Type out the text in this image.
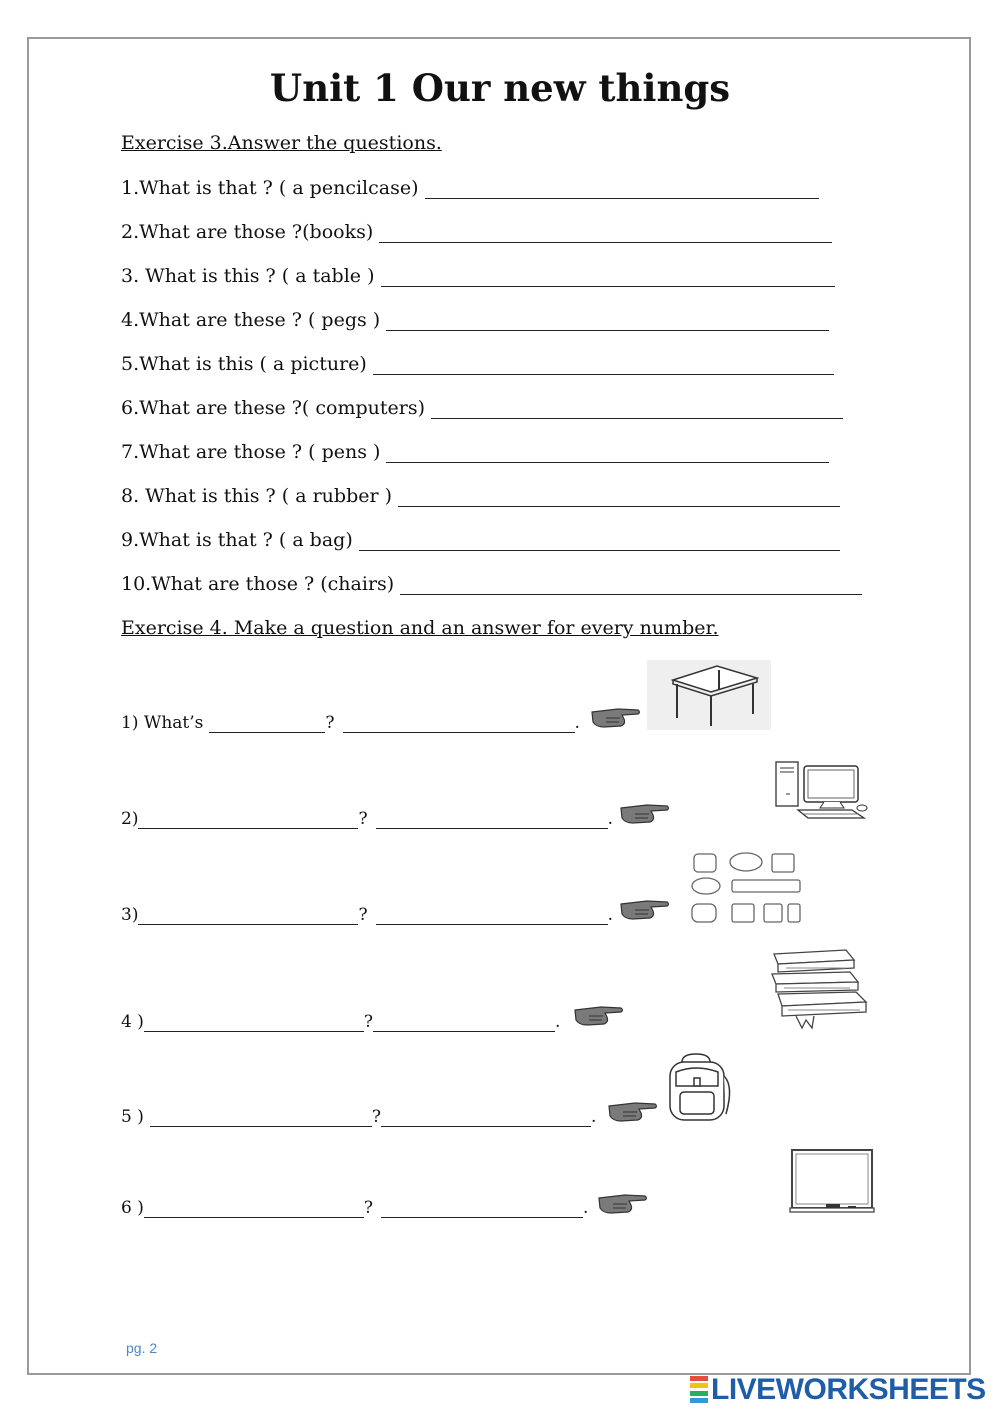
Unit 1 Our new things
Exercise 3.Answer the questions.
1.What is that ? ( a pencilcase)
2.What are those ?(books)
3. What is this ? ( a table )
4.What are these ? ( pegs )
5.What is this ( a picture)
6.What are these ?( computers)
7.What are those ? ( pens )
8. What is this ? ( a rubber )
9.What is that ? ( a bag)
10.What are those ? (chairs)
Exercise 4. Make a question and an answer for every number.
1) What’s	?	.
2)	?	.
3)	?	.
4 )	?	.
5 )	?	.
6 )	?	.
pg. 2
LIVEWORKSHEETS
